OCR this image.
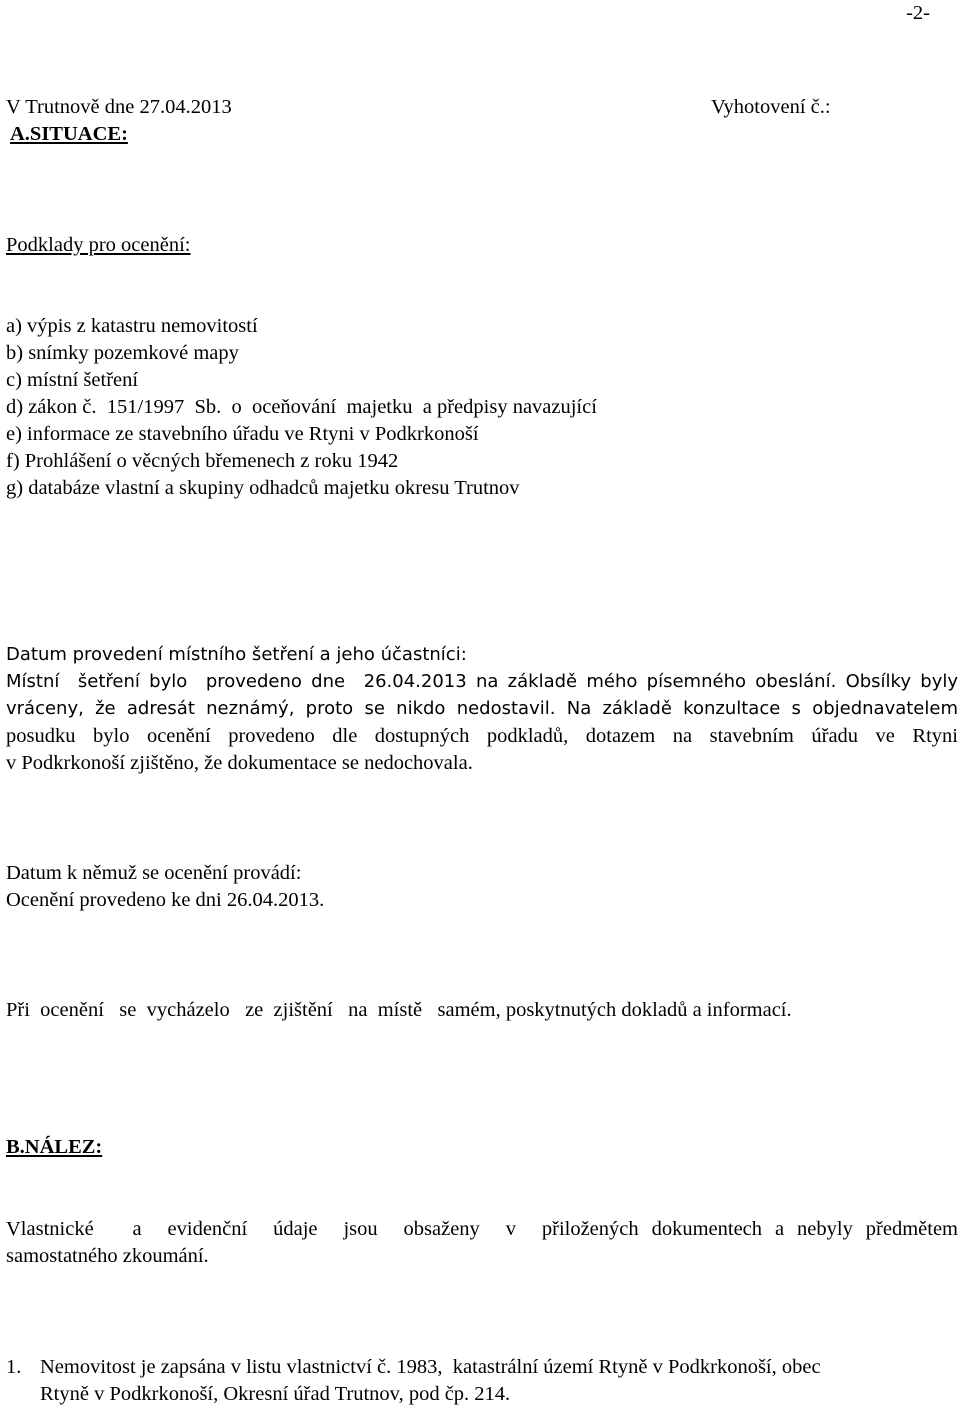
-2-
V Trutnově dne 27.04.2013	Vyhotovení č.:
A.SITUACE:
Podklady pro ocenění:
a) výpis z katastru nemovitostí
b) snímky pozemkové mapy
c) místní šetření
d) zákon č.  151/1997  Sb.  o  oceňování  majetku  a předpisy navazující
e) informace ze stavebního úřadu ve Rtyni v Podkrkonoší
f) Prohlášení o věcných břemenech z roku 1942
g) databáze vlastní a skupiny odhadců majetku okresu Trutnov
Datum provedení místního šetření a jeho účastníci:
Místní  šetření bylo  provedeno dne  26.04.2013 na základě mého písemného obeslání. Obsílky byly
vráceny, že adresát neznámý, proto se nikdo nedostavil. Na základě konzultace s objednavatelem
posudku bylo ocenění provedeno dle dostupných podkladů, dotazem na stavebním úřadu ve Rtyni
v Podkrkonoší zjištěno, že dokumentace se nedochovala.
Datum k němuž se ocenění provádí:
Ocenění provedeno ke dni 26.04.2013.
Při  ocenění   se  vycházelo   ze  zjištění   na  místě   samém, poskytnutých dokladů a informací.
B.NÁLEZ:
Vlastnické   a  evidenční  údaje  jsou  obsaženy  v  přiložených dokumentech a nebyly předmětem
samostatného zkoumání.
1. Nemovitost je zapsána v listu vlastnictví č. 1983,  katastrální území Rtyně v Podkrkonoší, obec
Rtyně v Podkrkonoší, Okresní úřad Trutnov, pod čp. 214.
